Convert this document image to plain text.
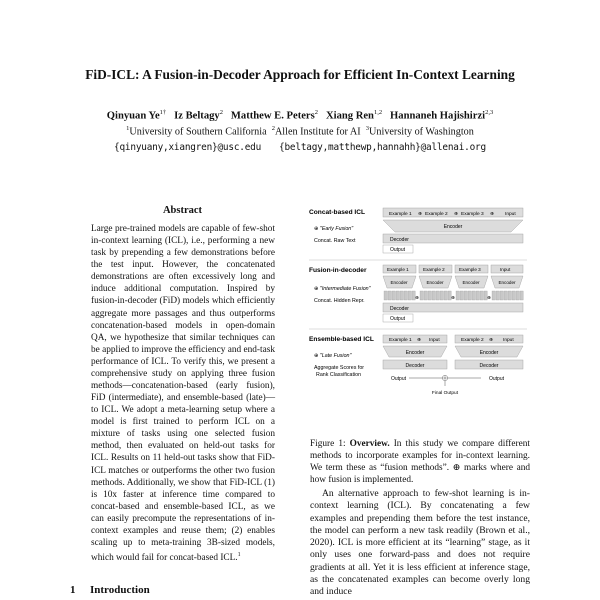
FiD-ICL: A Fusion-in-Decoder Approach for Efficient In-Context Learning
Qinyuan $Ye^{1\dagger}$ Iz Beltagy$^2$ Matthew E. Peters$^2$ Xiang Ren$^{1,2}$ Hannaneh Hajishirzi$^{2,3}$
$^1$University of Southern California $^2$Allen Institute for AI $^3$University of Washington
{qinyuany,xiangren}@usc.edu {beltagy,matthewp,hannahh}@allenai.org
Abstract

Large pre-trained models are capable of few-shot in-context learning (ICL), i.e., performing a new task by prepending a few demonstrations before the test input. However, the concatenated demonstrations are often excessively long and induce additional computation. Inspired by fusion-in-decoder (FiD) models which efficiently aggregate more passages and thus outperforms concatenation-based models in open-domain QA, we hypothesize that similar techniques can be applied to improve the efficiency and end-task performance of ICL. To verify this, we present a comprehensive study on applying three fusion methods—concatenation-based (early fusion), FiD (intermediate), and ensemble-based (late)—to ICL. We adopt a meta-learning setup where a model is first trained to perform ICL on a mixture of tasks using one selected fusion method, then evaluated on held-out tasks for ICL. Results on 11 held-out tasks show that FiD-ICL matches or outperforms the other two fusion methods. Additionally, we show that FiD-ICL (1) is 10x faster at inference time compared to concat-based and ensemble-based ICL, as we can easily precompute the representations of in-context examples and reuse them; (2) enables scaling up to meta-training 3B-sized models, which would fail for concat-based ICL.$^1$

1 Introduction
Concat-based ICL
⊕ "Early Fusion"
Concat. Raw Text
Example 1 ⊕ Example 2 ⊕ Example 3 ⊕ Input
Encoder
Decoder
Output
Fusion-in-decoder
⊕ "Intermediate Fusion"
Concat. Hidden Repr.
Example 1	Example 2	Example 3	Input
Encoder	Encoder	Encoder	Encoder
⊕	⊕	⊕
Decoder
Output
Ensemble-based ICL
⊕ "Late Fusion"
Aggregate Scores for
Rank Classification
Example 1 ⊕ Input	Example 2 ⊕ Input
Encoder	Encoder
Decoder	Decoder
Output	Output
Final Output
Figure 1: Overview. In this study we compare different methods to incorporate examples for in-context learning. We term these as “fusion methods”. ⊕ marks where and how fusion is implemented.

An alternative approach to few-shot learning is in-context learning (ICL). By concatenating a few examples and prepending them before the test instance, the model can perform a new task readily (Brown et al., 2020). ICL is more efficient at its “learning” stage, as it only uses one forward-pass and does not require gradients at all. Yet it is less efficient at inference stage, as the concatenated examples can become overly long and induce
